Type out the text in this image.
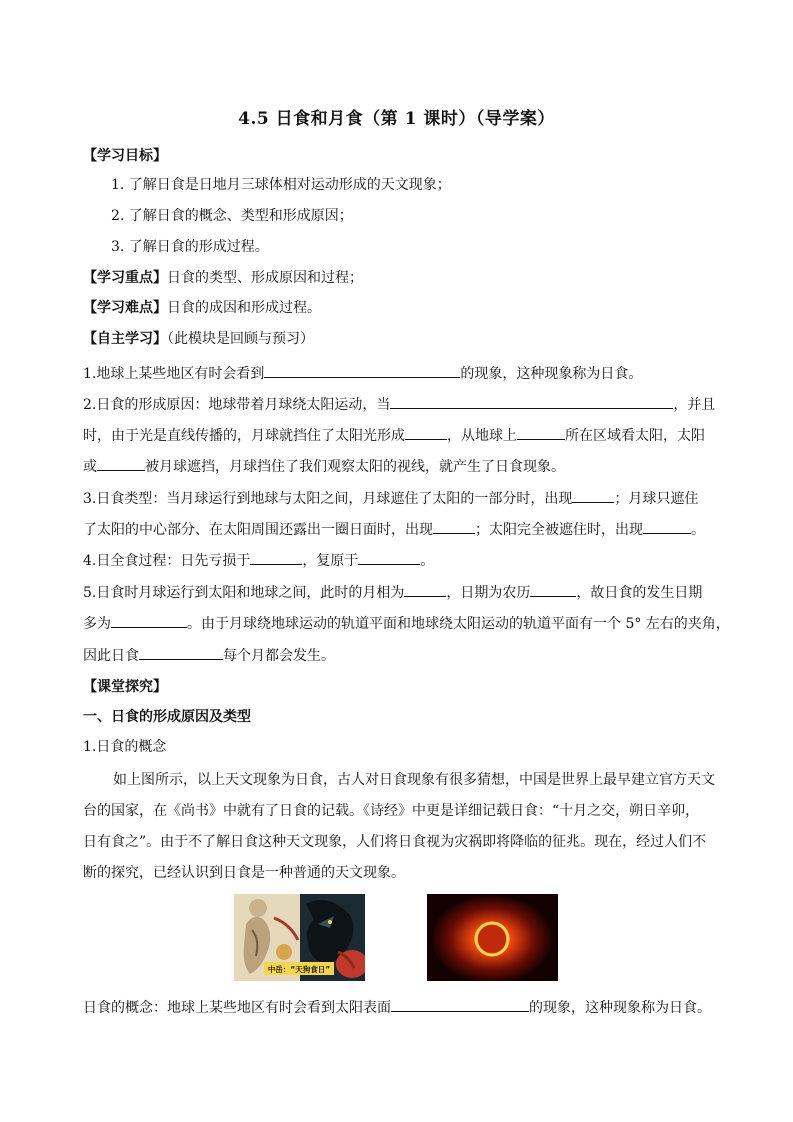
4.5 日食和月食（第 1 课时）（导学案）
【学习目标】
1. 了解日食是日地月三球体相对运动形成的天文现象；
2. 了解日食的概念、类型和形成原因；
3. 了解日食的形成过程。
【学习重点】日食的类型、形成原因和过程；
【学习难点】日食的成因和形成过程。
【自主学习】（此模块是回顾与预习）
1.地球上某些地区有时会看到	的现象，这种现象称为日食。
2.日食的形成原因：地球带着月球绕太阳运动，当	，并且
时，由于光是直线传播的，月球就挡住了太阳光形成	，从地球上	所在区域看太阳，太阳
或	被月球遮挡，月球挡住了我们观察太阳的视线，就产生了日食现象。
3.日食类型：当月球运行到地球与太阳之间，月球遮住了太阳的一部分时，出现	；月球只遮住
了太阳的中心部分、在太阳周围还露出一圈日面时，出现	；太阳完全被遮住时，出现	。
4.日全食过程：日先亏损于	，复原于	。
5.日食时月球运行到太阳和地球之间，此时的月相为	，日期为农历	，故日食的发生日期
多为	。由于月球绕地球运动的轨道平面和地球绕太阳运动的轨道平面有一个 5° 左右的夹角，
因此日食	每个月都会发生。
【课堂探究】
一、日食的形成原因及类型
1.日食的概念
如上图所示，以上天文现象为日食，古人对日食现象有很多猜想，中国是世界上最早建立官方天文
台的国家，在《尚书》中就有了日食的记载。《诗经》中更是详细记载日食：“十月之交，朔日辛卯，
日有食之”。由于不了解日食这种天文现象，人们将日食视为灾祸即将降临的征兆。现在，经过人们不
断的探究，已经认识到日食是一种普通的天文现象。
中岳：“天狗食日”
日食的概念：地球上某些地区有时会看到太阳表面	的现象，这种现象称为日食。
